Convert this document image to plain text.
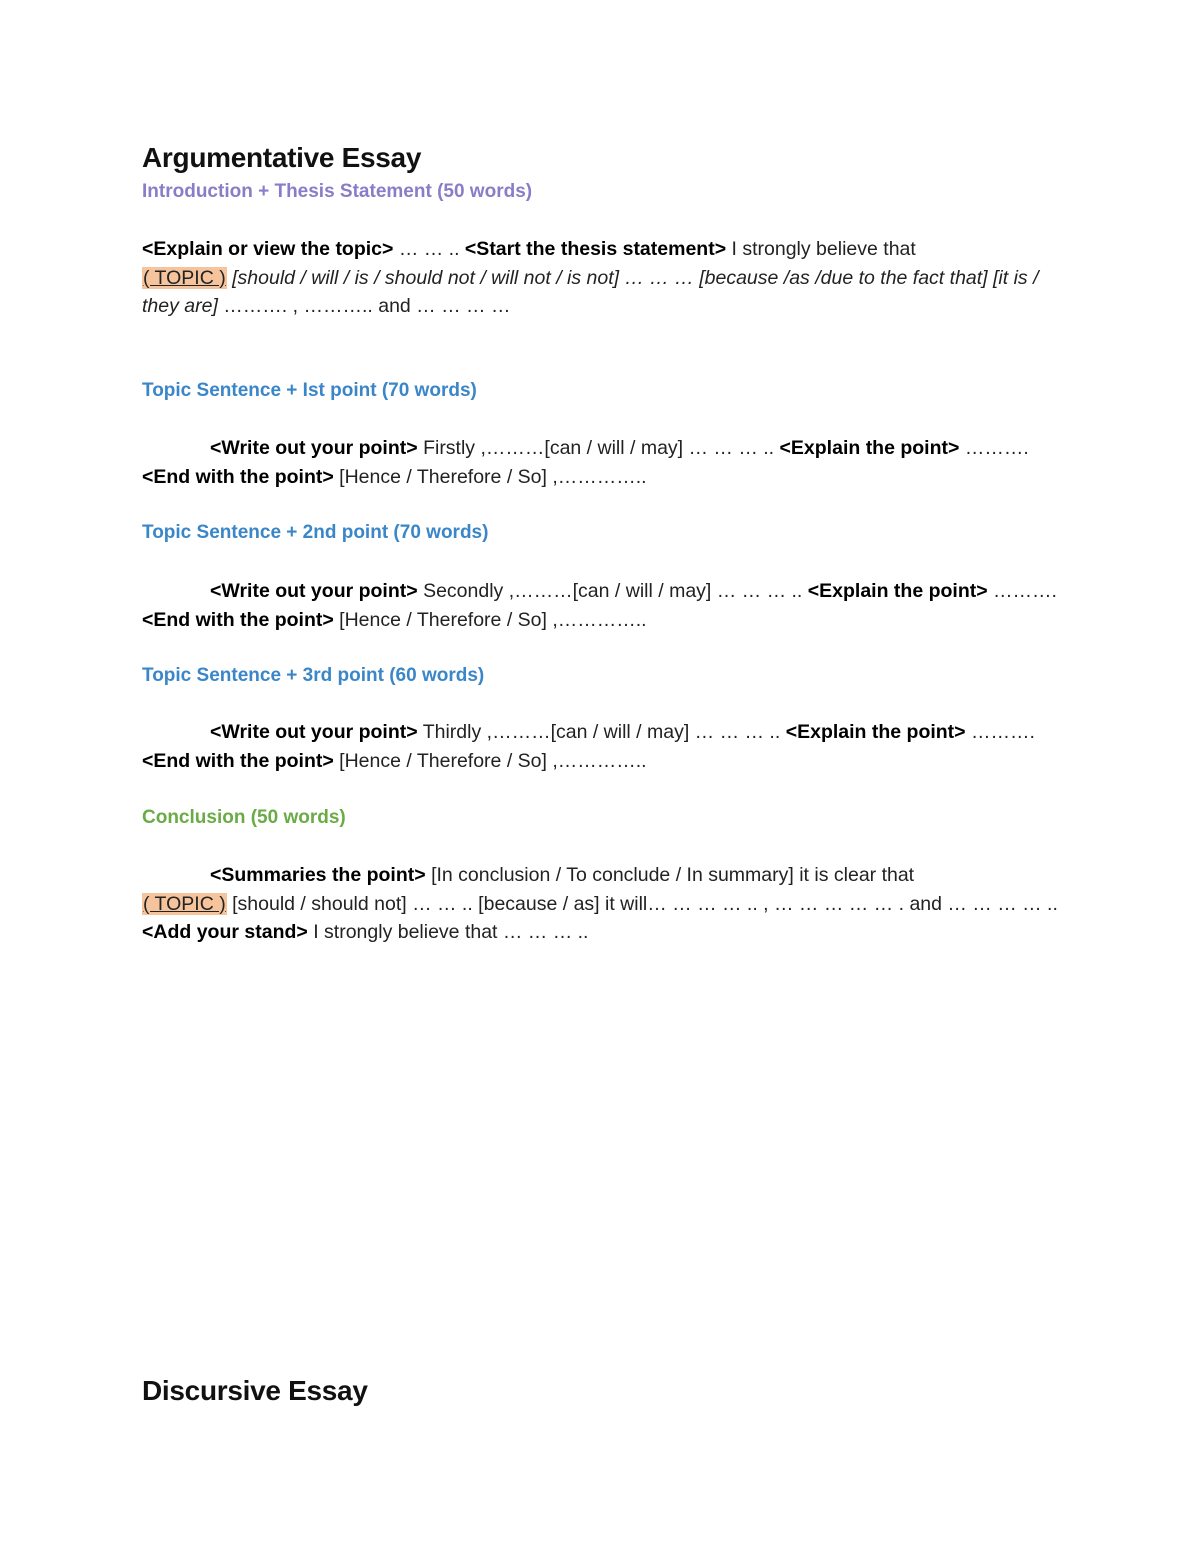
Argumentative Essay
Introduction + Thesis Statement (50 words)
<Explain or view the topic> … … .. <Start the thesis statement> I strongly believe that
( TOPIC ) [should / will / is / should not / will not / is not] … … … [because /as /due to the fact that] [it is / they are] ………. , ……….. and … … … …
Topic Sentence + Ist point (70 words)
<Write out your point> Firstly ,………[can / will / may] … … … .. <Explain the point> ………. <End with the point> [Hence / Therefore / So] ,…………..
Topic Sentence + 2nd point (70 words)
<Write out your point> Secondly ,………[can / will / may] … … … .. <Explain the point> ………. <End with the point> [Hence / Therefore / So] ,…………..
Topic Sentence + 3rd point (60 words)
<Write out your point> Thirdly ,………[can / will / may] … … … .. <Explain the point> ………. <End with the point> [Hence / Therefore / So] ,…………..
Conclusion (50 words)
<Summaries the point> [In conclusion / To conclude / In summary] it is clear that
( TOPIC ) [should / should not] … … .. [because / as] it will… … … … .. , … … … … … . and … … … … .. <Add your stand> I strongly believe that … … … ..
Discursive Essay
